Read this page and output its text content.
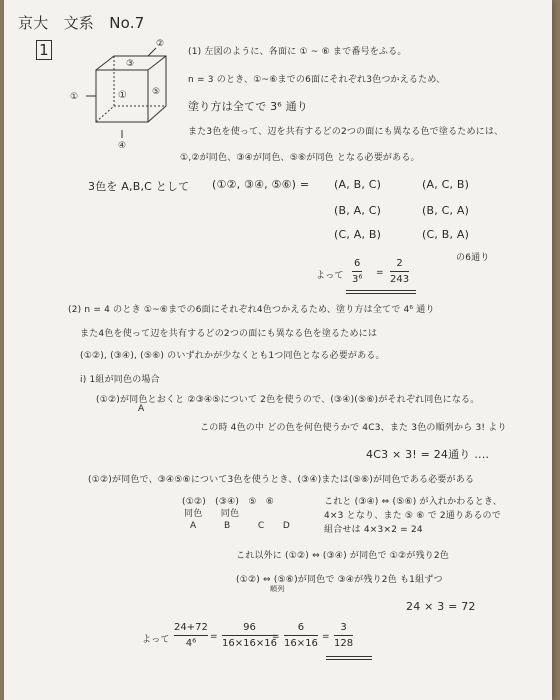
京大　文系　No.7
1	②
③
①	⑤
①
④
(1) 左図のように、各面に ① ~ ⑥ まで番号をふる。
n = 3 のとき、①~⑥までの6面にそれぞれ3色つかえるため、
塗り方は全てで 3⁶ 通り
また3色を使って、辺を共有するどの2つの面にも異なる色で塗るためには、
①,②が同色、③④が同色、⑤⑥が同色 となる必要がある。
3色を A,B,C として (①②, ③④, ⑤⑥) = (A, B, C)	(A, C, B)
(B, A, C)	(B, C, A)
(C, A, B)	(C, B, A)
の6通り
よって
6
3⁶
=
2
243
(2) n = 4 のとき ①~⑥までの6面にそれぞれ4色つかえるため、塗り方は全てで 4⁶ 通り
また4色を使って辺を共有するどの2つの面にも異なる色を塗るためには
(①②), (③④), (⑤⑥) のいずれかが少なくとも1つ同色となる必要がある。
i) 1組が同色の場合
(①②)が同色とおくと ②③④⑤について 2色を使うので、(③④)(⑤⑥)がそれぞれ同色になる。
A
この時 4色の中 どの色を何色使うかで 4C3、また 3色の順列から 3! より
4C3 × 3! = 24通り ‥‥
(①②)が同色で、③④⑤⑥について3色を使うとき、(③④)または(⑤⑥)が同色である必要がある
(①②)　(③④)　⑤　⑥
同色　　同色
A　　　B　　　C　　D
これと (③④) ⇔ (⑤⑥) が入れかわるとき、
4×3 となり、また ⑤ ⑥ で 2通りあるので
組合せは 4×3×2 = 24
これ以外に (①②) ⇔ (③④) が同色で ①②が残り2色
(①②) ⇔ (⑤⑥)が同色で ③④が残り2色 も1組ずつ
順列
24 × 3 = 72
よって
24+72
4⁶
=
96
16×16×16
=
6
16×16
=
3
128
